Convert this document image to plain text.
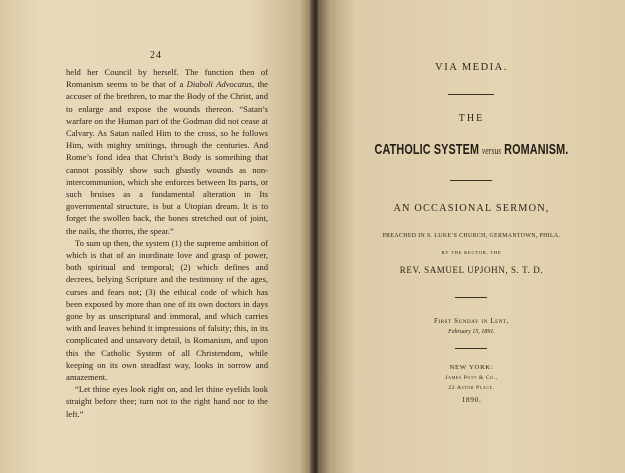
24

held her Council by herself. The function then of Romanism seems to be that of a Diaboli Advocatus, the accuser of the brethren, to mar the Body of the Christ, and to enlarge and expose the wounds thereon. “Satan’s warfare on the Human part of the Godman did not cease at Calvary. As Satan nailed Him to the cross, so he follows Him, with mighty smitings, through the centuries. And Rome’s fond idea that Christ’s Body is something that cannot possibly show such ghastly wounds as non-intercommunion, which she enforces between Its parts, or such bruises as a fundamental alteration in Its governmental structure, is but a Utopian dream. It is to forget the swollen back, the bones stretched out of joint, the nails, the thorns, the spear.”

To sum up then, the system (1) the supreme ambition of which is that of an inordinate love and grasp of power, both spiritual and temporal; (2) which defines and decrees, belying Scripture and the testimony of the ages, curses and fears not; (3) the ethical code of which has been exposed by more than one of its own doctors in days gone by as unscriptural and immoral, and which carries with and leaves behind it impressions of falsity; this, in its complicated and unsavory detail, is Romanism, and upon this the Catholic System of all Christendom, while keeping on its own steadfast way, looks in sorrow and amazement.

“Let thine eyes look right on, and let thine eyelids look straight before thee; turn not to the right hand nor to the left.”

VIA MEDIA.
THE
CATHOLIC SYSTEM versus ROMANISM.
AN OCCASIONAL SERMON,
PREACHED IN S. LUKE’S CHURCH, GERMANTOWN, PHILA.
BY THE RECTOR, THE
REV. SAMUEL UPJOHN, S. T. D.
First Sunday in Lent,
February 15, 1891.
NEW YORK:
James Pott & Co.,
22 Astor Place.
1890.
